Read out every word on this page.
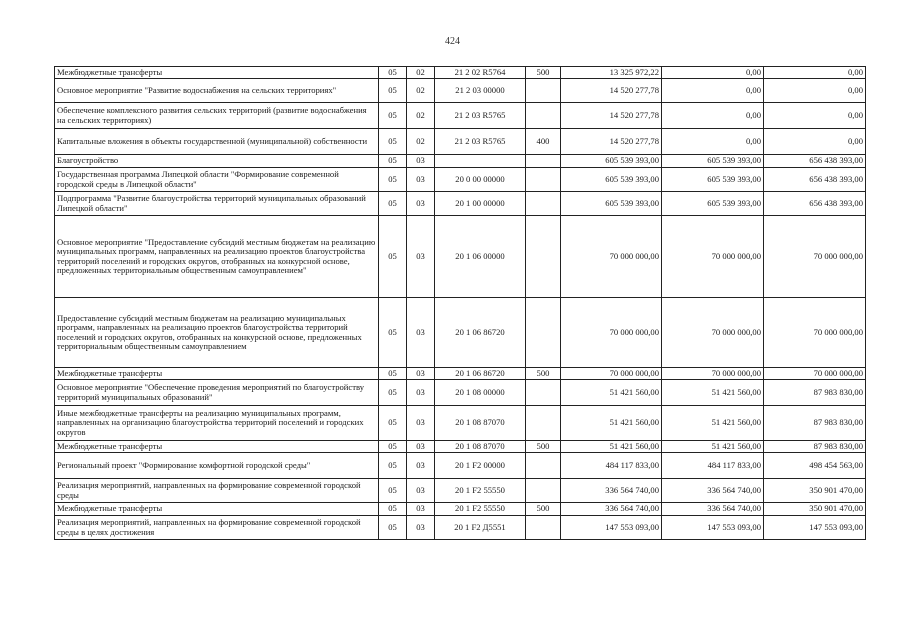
424
Межбюджетные трансферты	05	02	21 2 02 R5764	500	13 325 972,22	0,00	0,00
Основное мероприятие "Развитие водоснабжения на сельских территориях"	05	02	21 2 03 00000		14 520 277,78	0,00	0,00
Обеспечение комплексного развития сельских территорий (развитие водоснабжения на сельских территориях)	05	02	21 2 03 R5765		14 520 277,78	0,00	0,00
Капитальные вложения в объекты государственной (муниципальной) собственности	05	02	21 2 03 R5765	400	14 520 277,78	0,00	0,00
Благоустройство	05	03			605 539 393,00	605 539 393,00	656 438 393,00
Государственная программа Липецкой области "Формирование современной городской среды в Липецкой области"	05	03	20 0 00 00000		605 539 393,00	605 539 393,00	656 438 393,00
Подпрограмма "Развитие благоустройства территорий муниципальных образований Липецкой области"	05	03	20 1 00 00000		605 539 393,00	605 539 393,00	656 438 393,00
Основное мероприятие "Предоставление субсидий местным бюджетам на реализацию муниципальных программ, направленных на реализацию проектов благоустройства территорий поселений и городских округов, отобранных на конкурсной основе, предложенных территориальным общественным самоуправлением"	05	03	20 1 06 00000		70 000 000,00	70 000 000,00	70 000 000,00
Предоставление субсидий местным бюджетам на реализацию муниципальных программ, направленных на реализацию проектов благоустройства территорий поселений и городских округов, отобранных на конкурсной основе, предложенных территориальным общественным самоуправлением	05	03	20 1 06 86720		70 000 000,00	70 000 000,00	70 000 000,00
Межбюджетные трансферты	05	03	20 1 06 86720	500	70 000 000,00	70 000 000,00	70 000 000,00
Основное мероприятие "Обеспечение проведения мероприятий по благоустройству территорий муниципальных образований"	05	03	20 1 08 00000		51 421 560,00	51 421 560,00	87 983 830,00
Иные межбюджетные трансферты на реализацию муниципальных программ, направленных на организацию благоустройства территорий поселений и городских округов	05	03	20 1 08 87070		51 421 560,00	51 421 560,00	87 983 830,00
Межбюджетные трансферты	05	03	20 1 08 87070	500	51 421 560,00	51 421 560,00	87 983 830,00
Региональный проект "Формирование комфортной городской среды"	05	03	20 1 F2 00000		484 117 833,00	484 117 833,00	498 454 563,00
Реализация мероприятий, направленных на формирование современной городской среды	05	03	20 1 F2 55550		336 564 740,00	336 564 740,00	350 901 470,00
Межбюджетные трансферты	05	03	20 1 F2 55550	500	336 564 740,00	336 564 740,00	350 901 470,00
Реализация мероприятий, направленных на формирование современной городской среды в целях достижения	05	03	20 1 F2 Д5551		147 553 093,00	147 553 093,00	147 553 093,00
